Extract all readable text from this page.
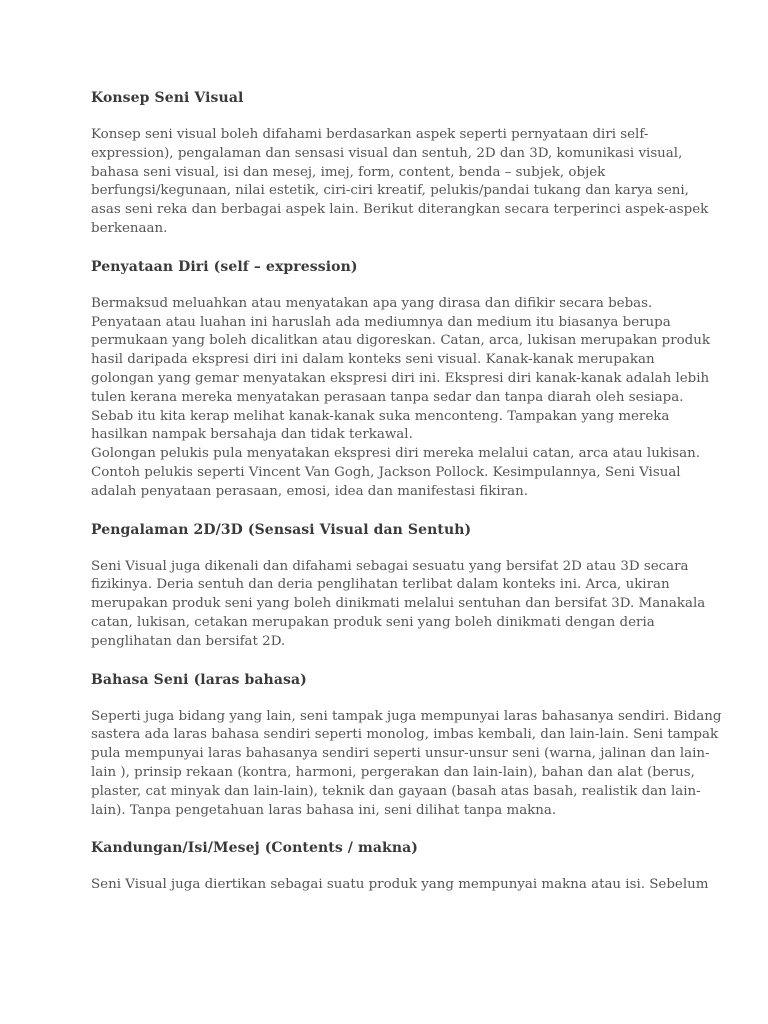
Konsep Seni Visual

Konsep seni visual boleh difahami berdasarkan aspek seperti pernyataan diri self-

expression), pengalaman dan sensasi visual dan sentuh, 2D dan 3D, komunikasi visual,

bahasa seni visual, isi dan mesej, imej, form, content, benda – subjek, objek

berfungsi/kegunaan, nilai estetik, ciri-ciri kreatif, pelukis/pandai tukang dan karya seni,

asas seni reka dan berbagai aspek lain. Berikut diterangkan secara terperinci aspek-aspek

berkenaan.

Penyataan Diri (self – expression)

Bermaksud meluahkan atau menyatakan apa yang dirasa dan difikir secara bebas.

Penyataan atau luahan ini haruslah ada mediumnya dan medium itu biasanya berupa

permukaan yang boleh dicalitkan atau digoreskan. Catan, arca, lukisan merupakan produk

hasil daripada ekspresi diri ini dalam konteks seni visual. Kanak-kanak merupakan

golongan yang gemar menyatakan ekspresi diri ini. Ekspresi diri kanak-kanak adalah lebih

tulen kerana mereka menyatakan perasaan tanpa sedar dan tanpa diarah oleh sesiapa.

Sebab itu kita kerap melihat kanak-kanak suka menconteng. Tampakan yang mereka

hasilkan nampak bersahaja dan tidak terkawal.

Golongan pelukis pula menyatakan ekspresi diri mereka melalui catan, arca atau lukisan.

Contoh pelukis seperti Vincent Van Gogh, Jackson Pollock. Kesimpulannya, Seni Visual

adalah penyataan perasaan, emosi, idea dan manifestasi fikiran.

Pengalaman 2D/3D (Sensasi Visual dan Sentuh)

Seni Visual juga dikenali dan difahami sebagai sesuatu yang bersifat 2D atau 3D secara

fizikinya. Deria sentuh dan deria penglihatan terlibat dalam konteks ini. Arca, ukiran

merupakan produk seni yang boleh dinikmati melalui sentuhan dan bersifat 3D. Manakala

catan, lukisan, cetakan merupakan produk seni yang boleh dinikmati dengan deria

penglihatan dan bersifat 2D.

Bahasa Seni (laras bahasa)

Seperti juga bidang yang lain, seni tampak juga mempunyai laras bahasanya sendiri. Bidang

sastera ada laras bahasa sendiri seperti monolog, imbas kembali, dan lain-lain. Seni tampak

pula mempunyai laras bahasanya sendiri seperti unsur-unsur seni (warna, jalinan dan lain-

lain ), prinsip rekaan (kontra, harmoni, pergerakan dan lain-lain), bahan dan alat (berus,

plaster, cat minyak dan lain-lain), teknik dan gayaan (basah atas basah, realistik dan lain-

lain). Tanpa pengetahuan laras bahasa ini, seni dilihat tanpa makna.

Kandungan/Isi/Mesej (Contents / makna)

Seni Visual juga diertikan sebagai suatu produk yang mempunyai makna atau isi. Sebelum
